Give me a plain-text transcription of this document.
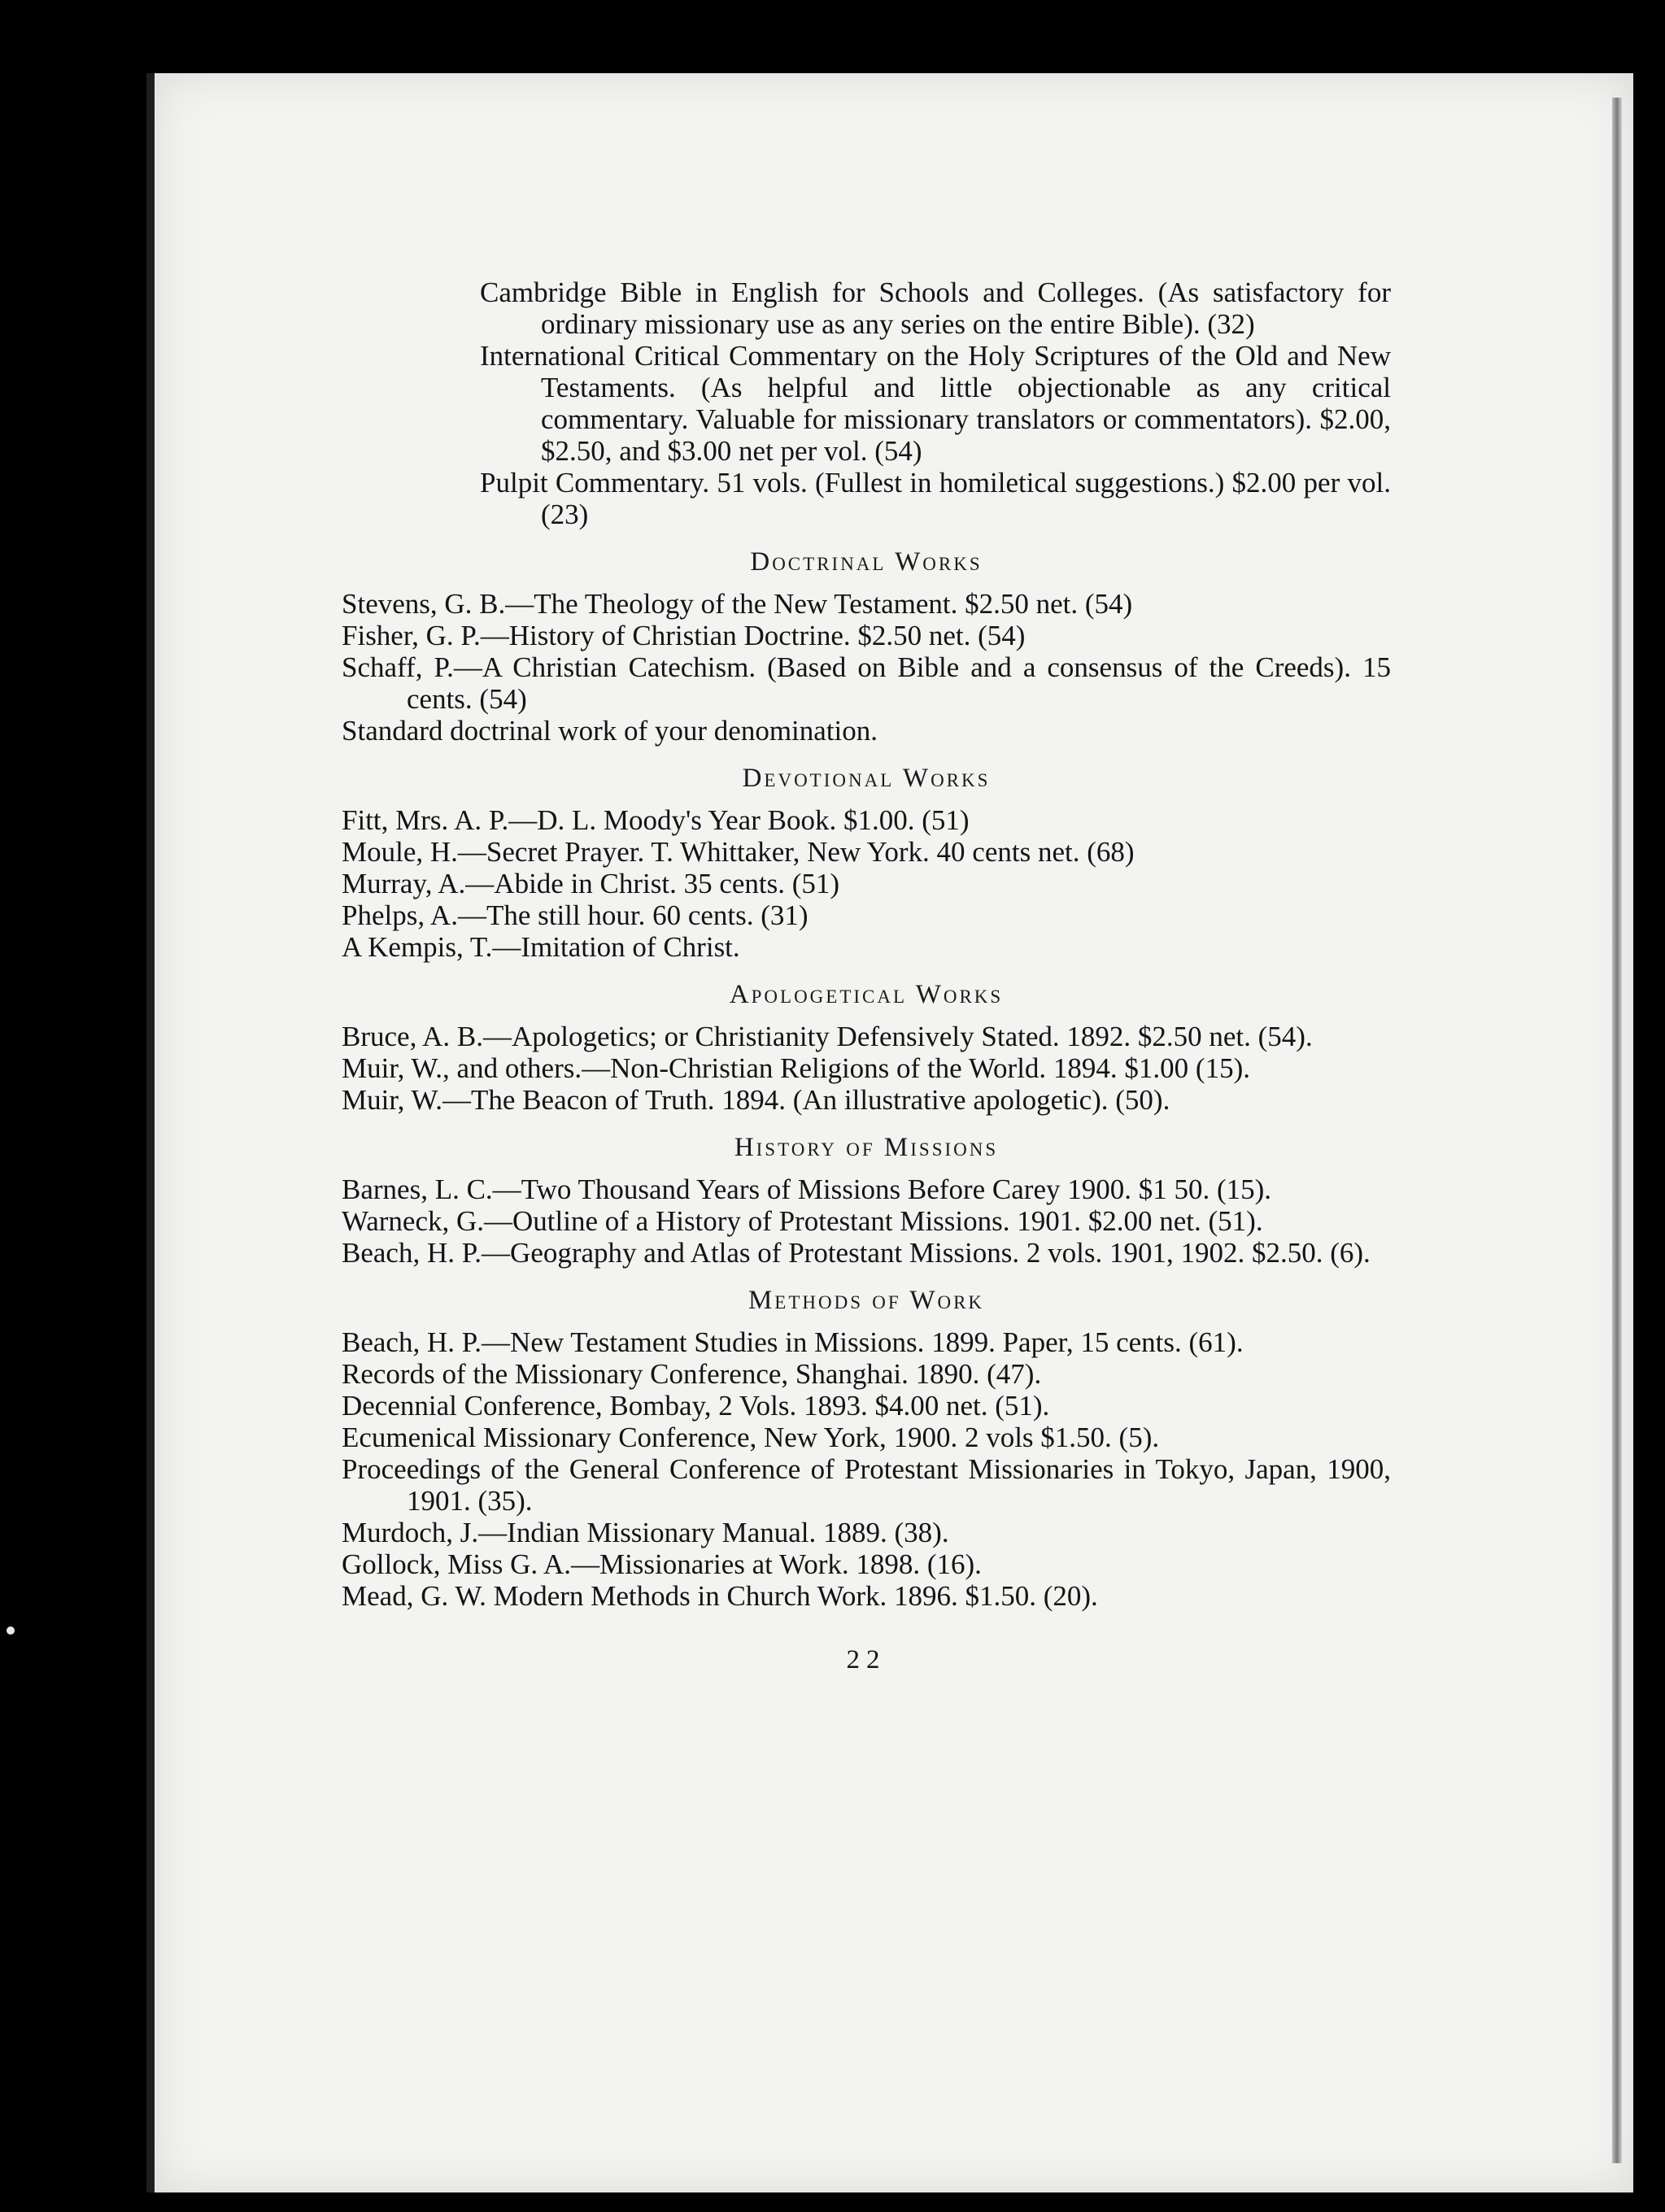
Cambridge Bible in English for Schools and Colleges. (As satisfactory for ordinary missionary use as any series on the entire Bible). (32)

International Critical Commentary on the Holy Scriptures of the Old and New Testaments. (As helpful and little objectionable as any critical commentary. Valuable for missionary translators or commentators). $2.00, $2.50, and $3.00 net per vol. (54)

Pulpit Commentary. 51 vols. (Fullest in homiletical suggestions.) $2.00 per vol. (23)

Doctrinal Works

Stevens, G. B.—The Theology of the New Testament. $2.50 net. (54)

Fisher, G. P.—History of Christian Doctrine. $2.50 net. (54)

Schaff, P.—A Christian Catechism. (Based on Bible and a consensus of the Creeds). 15 cents. (54)

Standard doctrinal work of your denomination.

Devotional Works

Fitt, Mrs. A. P.—D. L. Moody's Year Book. $1.00. (51)

Moule, H.—Secret Prayer. T. Whittaker, New York. 40 cents net. (68)

Murray, A.—Abide in Christ. 35 cents. (51)

Phelps, A.—The still hour. 60 cents. (31)

A Kempis, T.—Imitation of Christ.

Apologetical Works

Bruce, A. B.—Apologetics; or Christianity Defensively Stated. 1892. $2.50 net. (54).

Muir, W., and others.—Non-Christian Religions of the World. 1894. $1.00 (15).

Muir, W.—The Beacon of Truth. 1894. (An illustrative apologetic). (50).

History of Missions

Barnes, L. C.—Two Thousand Years of Missions Before Carey 1900. $1 50. (15).

Warneck, G.—Outline of a History of Protestant Missions. 1901. $2.00 net. (51).

Beach, H. P.—Geography and Atlas of Protestant Missions. 2 vols. 1901, 1902. $2.50. (6).

Methods of Work

Beach, H. P.—New Testament Studies in Missions. 1899. Paper, 15 cents. (61).

Records of the Missionary Conference, Shanghai. 1890. (47).

Decennial Conference, Bombay, 2 Vols. 1893. $4.00 net. (51).

Ecumenical Missionary Conference, New York, 1900. 2 vols $1.50. (5).

Proceedings of the General Conference of Protestant Missionaries in Tokyo, Japan, 1900, 1901. (35).

Murdoch, J.—Indian Missionary Manual. 1889. (38).

Gollock, Miss G. A.—Missionaries at Work. 1898. (16).

Mead, G. W. Modern Methods in Church Work. 1896. $1.50. (20).

22
